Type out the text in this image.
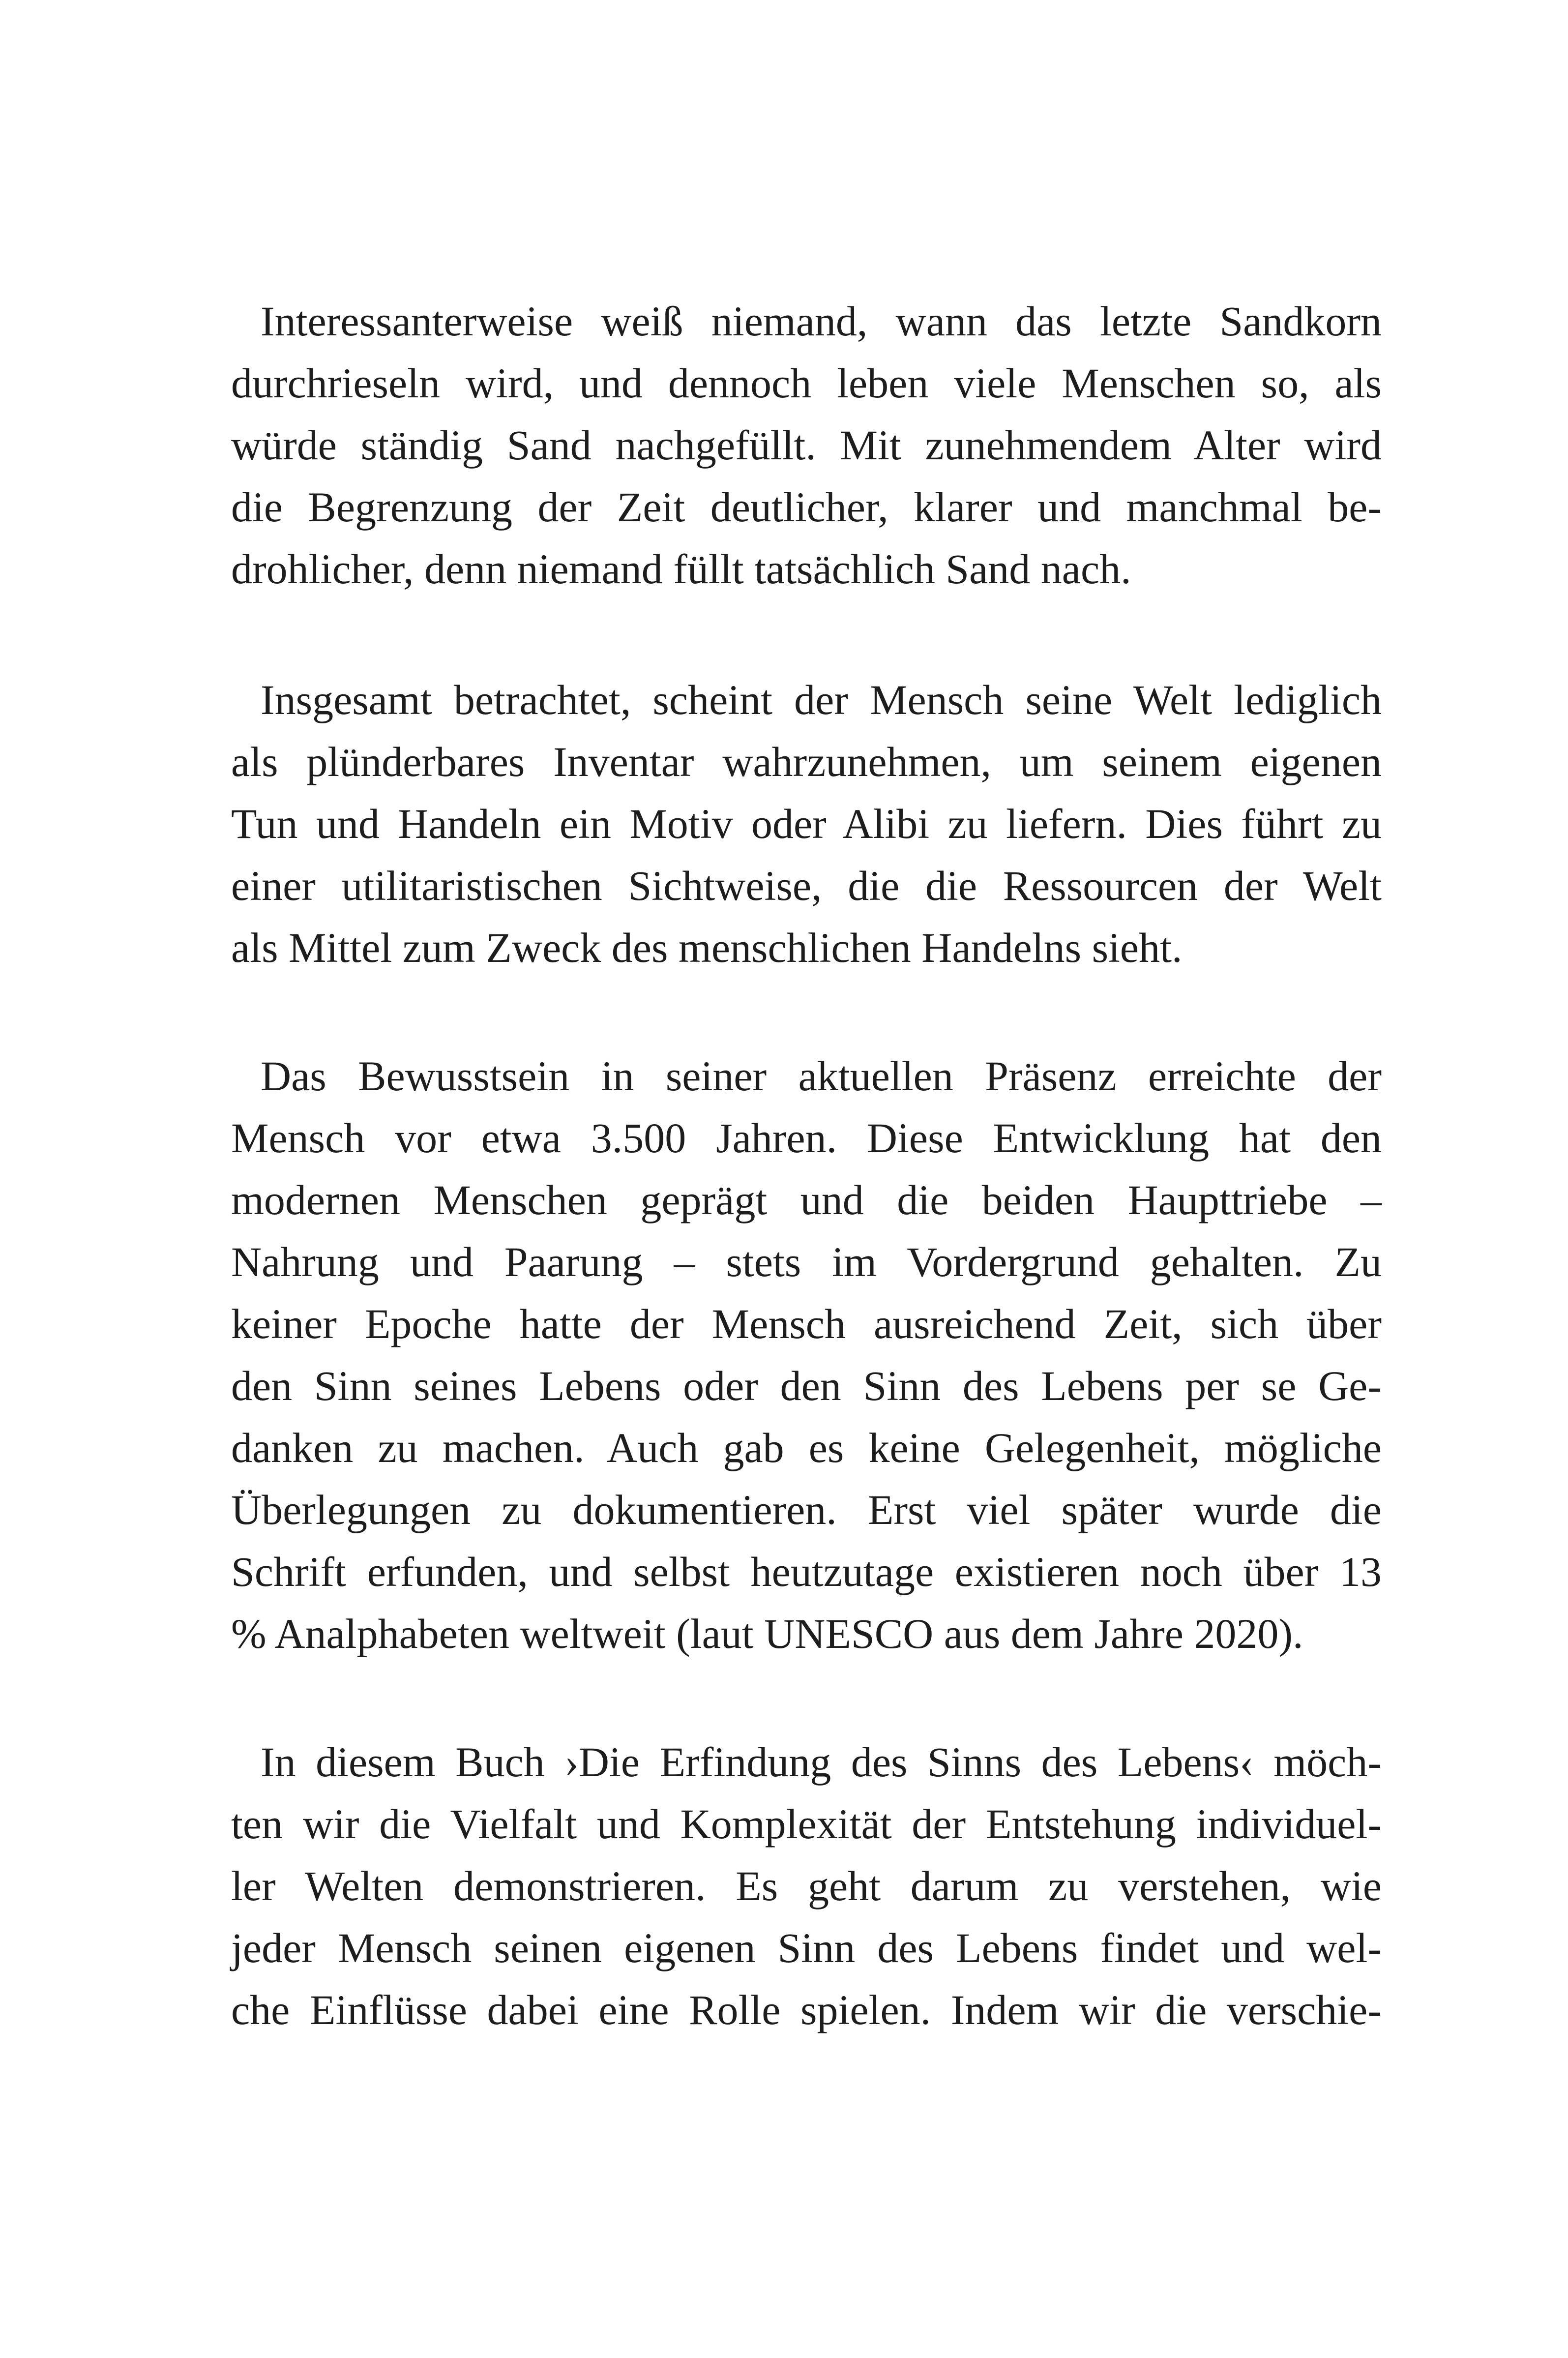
Interessanterweise weiß niemand, wann das letzte Sandkorn
durchrieseln wird, und dennoch leben viele Menschen so, als
würde ständig Sand nachgefüllt. Mit zunehmendem Alter wird
die Begrenzung der Zeit deutlicher, klarer und manchmal be-
drohlicher, denn niemand füllt tatsächlich Sand nach.
Insgesamt betrachtet, scheint der Mensch seine Welt lediglich
als plünderbares Inventar wahrzunehmen, um seinem eigenen
Tun und Handeln ein Motiv oder Alibi zu liefern. Dies führt zu
einer utilitaristischen Sichtweise, die die Ressourcen der Welt
als Mittel zum Zweck des menschlichen Handelns sieht.
Das Bewusstsein in seiner aktuellen Präsenz erreichte der
Mensch vor etwa 3.500 Jahren. Diese Entwicklung hat den
modernen Menschen geprägt und die beiden Haupttriebe –
Nahrung und Paarung – stets im Vordergrund gehalten. Zu
keiner Epoche hatte der Mensch ausreichend Zeit, sich über
den Sinn seines Lebens oder den Sinn des Lebens per se Ge-
danken zu machen. Auch gab es keine Gelegenheit, mögliche
Überlegungen zu dokumentieren. Erst viel später wurde die
Schrift erfunden, und selbst heutzutage existieren noch über 13
% Analphabeten weltweit (laut UNESCO aus dem Jahre 2020).
In diesem Buch ›Die Erfindung des Sinns des Lebens‹ möch-
ten wir die Vielfalt und Komplexität der Entstehung individuel-
ler Welten demonstrieren. Es geht darum zu verstehen, wie
jeder Mensch seinen eigenen Sinn des Lebens findet und wel-
che Einflüsse dabei eine Rolle spielen. Indem wir die verschie-
